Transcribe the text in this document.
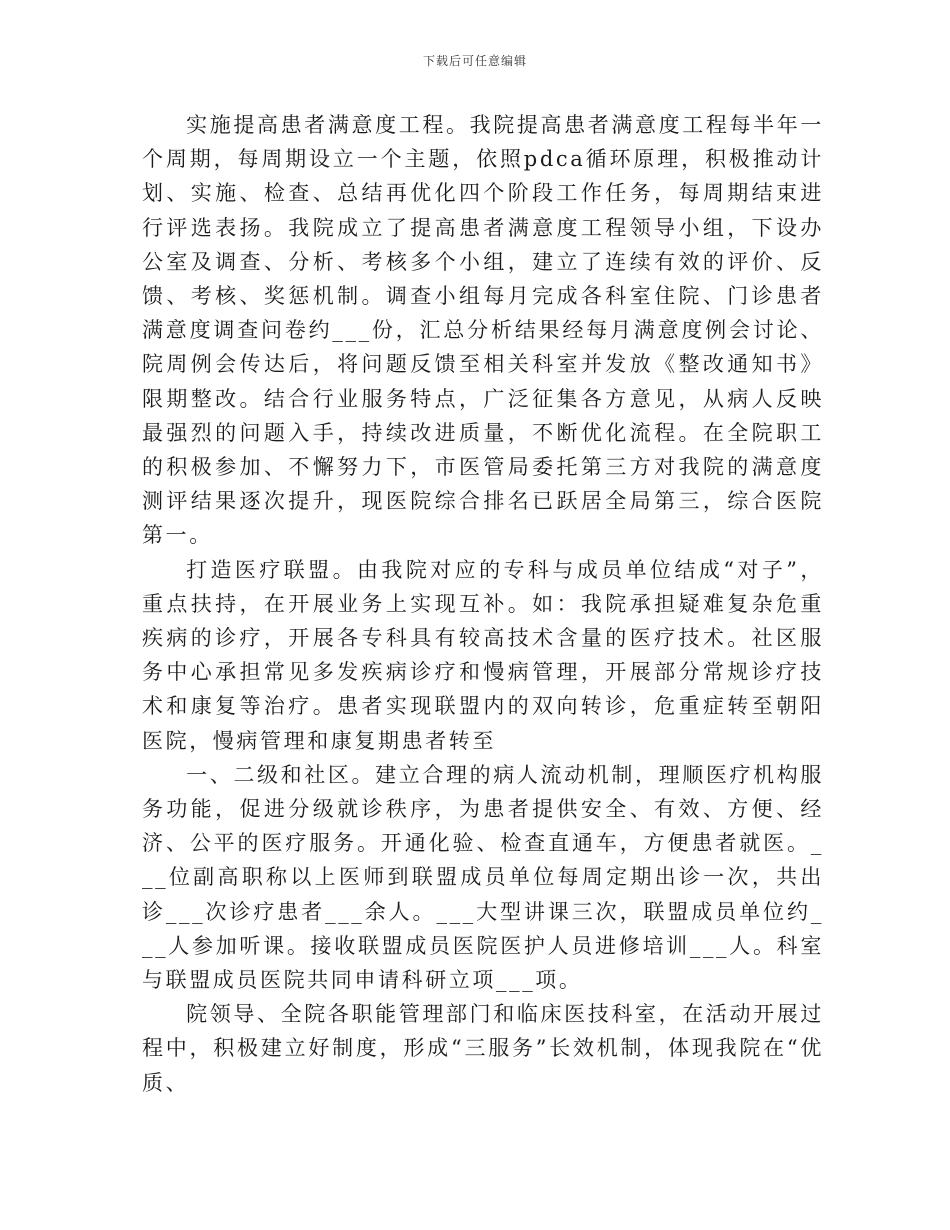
下载后可任意编辑

实施提高患者满意度工程。我院提高患者满意度工程每半年一个周期，每周期设立一个主题，依照pdca循环原理，积极推动计划、实施、检查、总结再优化四个阶段工作任务，每周期结束进行评选表扬。我院成立了提高患者满意度工程领导小组，下设办公室及调查、分析、考核多个小组，建立了连续有效的评价、反馈、考核、奖惩机制。调查小组每月完成各科室住院、门诊患者满意度调查问卷约___份，汇总分析结果经每月满意度例会讨论、院周例会传达后，将问题反馈至相关科室并发放《整改通知书》限期整改。结合行业服务特点，广泛征集各方意见，从病人反映最强烈的问题入手，持续改进质量，不断优化流程。在全院职工的积极参加、不懈努力下，市医管局委托第三方对我院的满意度测评结果逐次提升，现医院综合排名已跃居全局第三，综合医院第一。

打造医疗联盟。由我院对应的专科与成员单位结成“对子”，重点扶持，在开展业务上实现互补。如：我院承担疑难复杂危重疾病的诊疗，开展各专科具有较高技术含量的医疗技术。社区服务中心承担常见多发疾病诊疗和慢病管理，开展部分常规诊疗技术和康复等治疗。患者实现联盟内的双向转诊，危重症转至朝阳医院，慢病管理和康复期患者转至

一、二级和社区。建立合理的病人流动机制，理顺医疗机构服务功能，促进分级就诊秩序，为患者提供安全、有效、方便、经济、公平的医疗服务。开通化验、检查直通车，方便患者就医。___位副高职称以上医师到联盟成员单位每周定期出诊一次，共出诊___次诊疗患者___余人。___大型讲课三次，联盟成员单位约___人参加听课。接收联盟成员医院医护人员进修培训___人。科室与联盟成员医院共同申请科研立项___项。

院领导、全院各职能管理部门和临床医技科室，在活动开展过程中，积极建立好制度，形成“三服务”长效机制，体现我院在“优质、
